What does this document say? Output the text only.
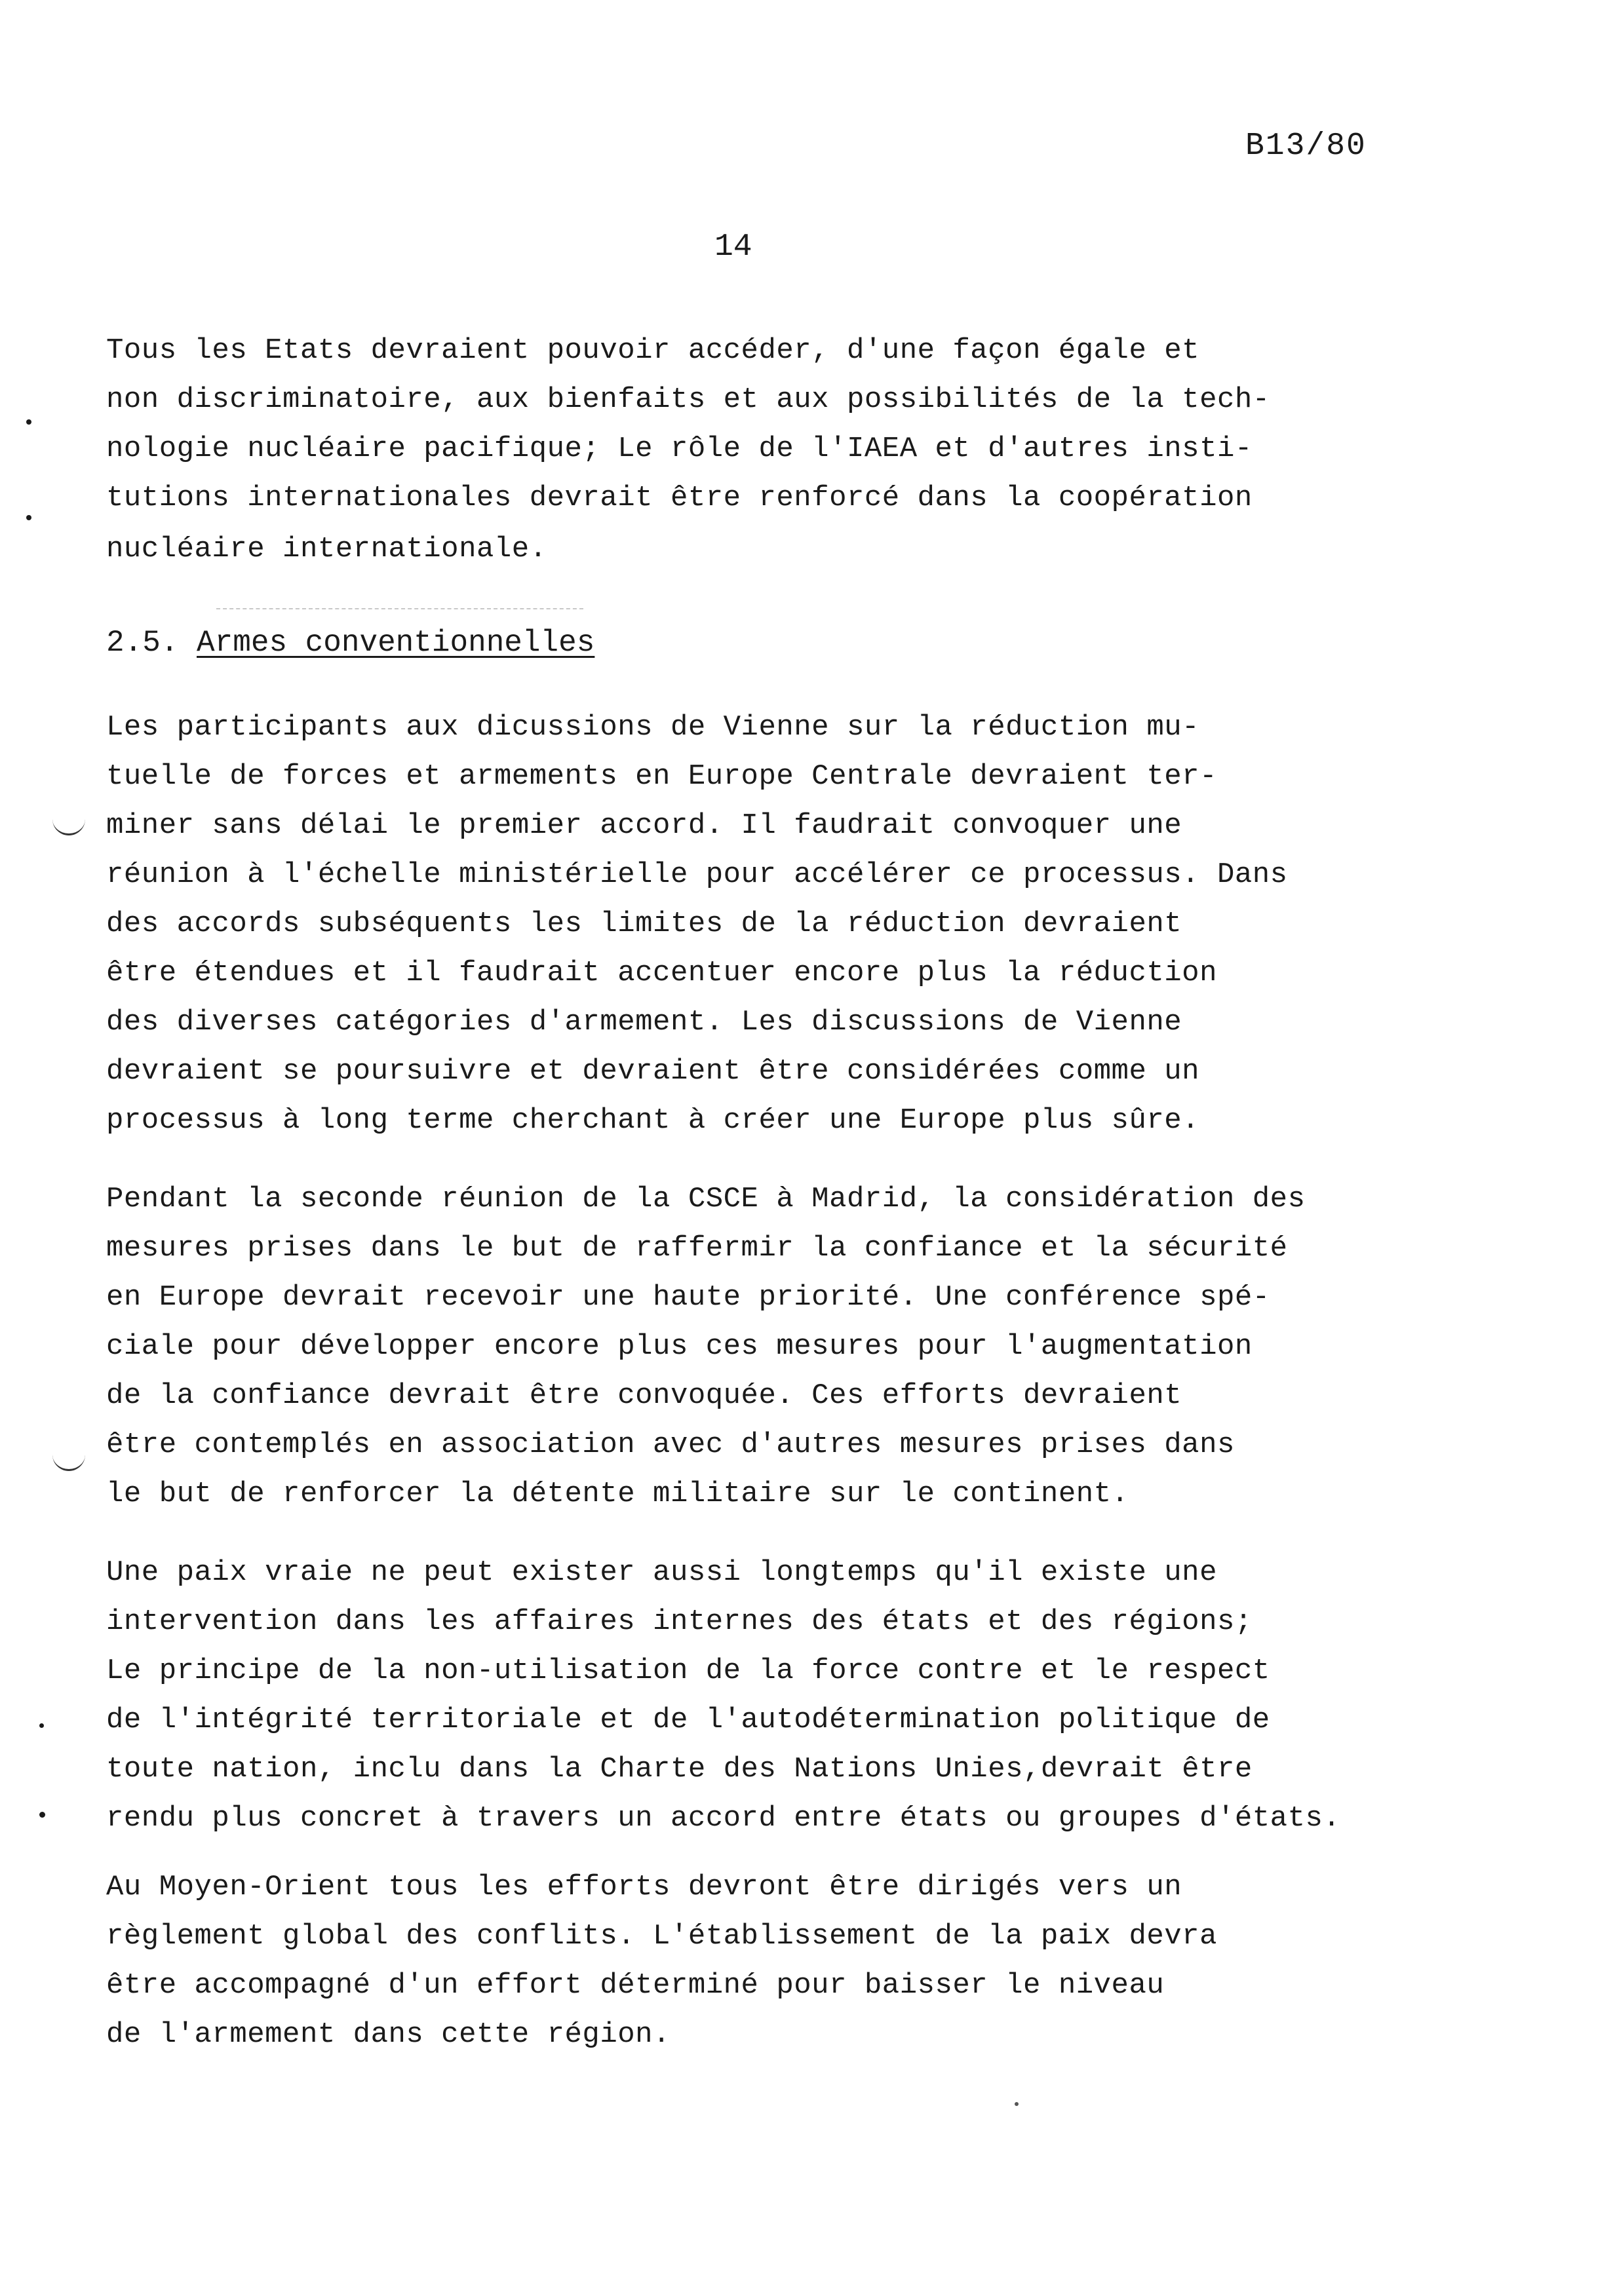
B13/80
14
Tous les Etats devraient pouvoir accéder, d'une façon égale et
non discriminatoire, aux bienfaits et aux possibilités de la tech-
nologie nucléaire pacifique; Le rôle de l'IAEA et d'autres insti-
tutions internationales devrait être renforcé dans la coopération
nucléaire internationale.
2.5. Armes conventionnelles
Les participants aux dicussions de Vienne sur la réduction mu-
tuelle de forces et armements en Europe Centrale devraient ter-
miner sans délai le premier accord. Il faudrait convoquer une
réunion à l'échelle ministérielle pour accélérer ce processus. Dans
des accords subséquents les limites de la réduction devraient
être étendues et il faudrait accentuer encore plus la réduction
des diverses catégories d'armement. Les discussions de Vienne
devraient se poursuivre et devraient être considérées comme un
processus à long terme cherchant à créer une Europe plus sûre.
Pendant la seconde réunion de la CSCE à Madrid, la considération des
mesures prises dans le but de raffermir la confiance et la sécurité
en Europe devrait recevoir une haute priorité. Une conférence spé-
ciale pour développer encore plus ces mesures pour l'augmentation
de la confiance devrait être convoquée. Ces efforts devraient
être contemplés en association avec d'autres mesures prises dans
le but de renforcer la détente militaire sur le continent.
Une paix vraie ne peut exister aussi longtemps qu'il existe une
intervention dans les affaires internes des états et des régions;
Le principe de la non-utilisation de la force contre et le respect
de l'intégrité territoriale et de l'autodétermination politique de
toute nation, inclu dans la Charte des Nations Unies,devrait être
rendu plus concret à travers un accord entre états ou groupes d'états.
Au Moyen-Orient tous les efforts devront être dirigés vers un
règlement global des conflits. L'établissement de la paix devra
être accompagné d'un effort déterminé pour baisser le niveau
de l'armement dans cette région.
